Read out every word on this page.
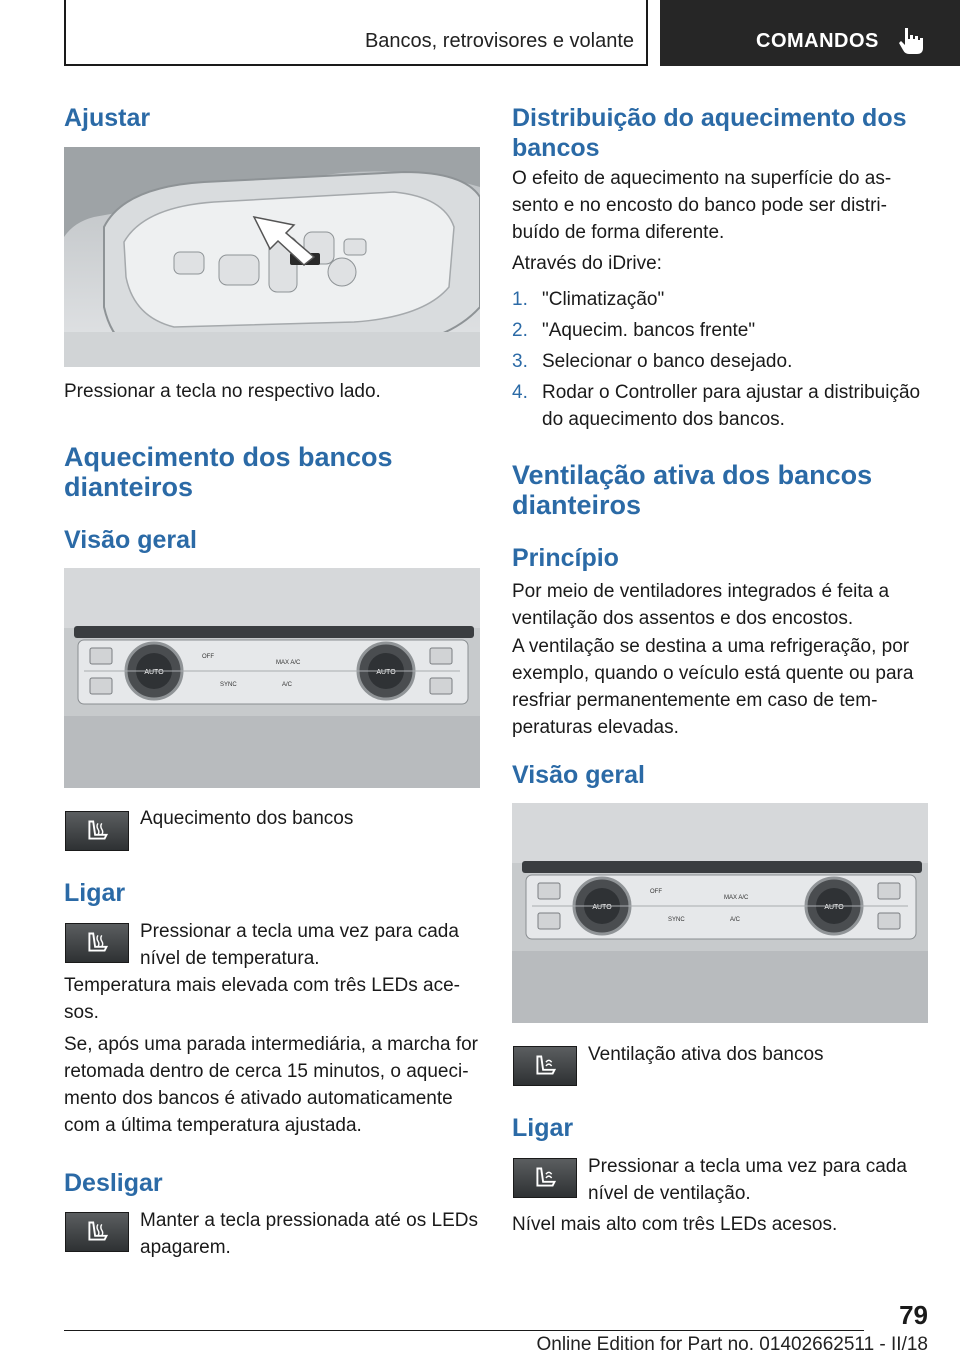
Bancos, retrovisores e volante	COMANDOS
Ajustar

Pressionar a tecla no respectivo lado.

Aquecimento dos bancos dianteiros
Visão geral
AUTO	AUTO
OFF
MAX A/C
SYNC	A/C

Aquecimento dos bancos

Ligar

Pressionar a tecla uma vez para cada nível de temperatura.

Temperatura mais elevada com três LEDs acesos.

Se, após uma parada intermediária, a marcha for retomada dentro de cerca 15 minutos, o aquecimento dos bancos é ativado automaticamente com a última temperatura ajustada.

Desligar

Manter a tecla pressionada até os LEDs apagarem.

Distribuição do aquecimento dos bancos

O efeito de aquecimento na superfície do assento e no encosto do banco pode ser distribuído de forma diferente.

Através do iDrive:

1. "Climatização"
2. "Aquecim. bancos frente"
3. Selecionar o banco desejado.
4. Rodar o Controller para ajustar a distribuição do aquecimento dos bancos.
Ventilação ativa dos bancos dianteiros
Princípio

Por meio de ventiladores integrados é feita a ventilação dos assentos e dos encostos.

A ventilação se destina a uma refrigeração, por exemplo, quando o veículo está quente ou para resfriar permanentemente em caso de temperaturas elevadas.

Visão geral
AUTO	AUTO
OFF
MAX A/C
SYNC	A/C

Ventilação ativa dos bancos

Ligar

Pressionar a tecla uma vez para cada nível de ventilação.

Nível mais alto com três LEDs acesos.

79
Online Edition for Part no. 01402662511 - II/18
